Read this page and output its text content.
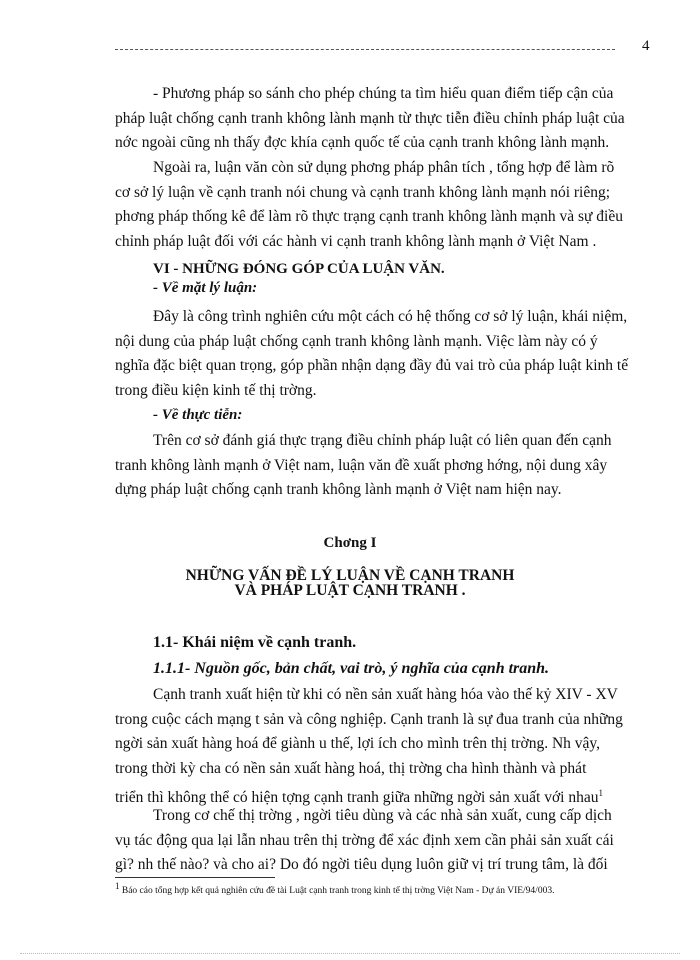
4

- Phương pháp so sánh cho phép chúng ta tìm hiểu quan điểm tiếp cận của
pháp luật chống cạnh tranh không lành mạnh từ thực tiễn điều chỉnh pháp luật của
nớc ngoài cũng nh thấy đợc khía cạnh quốc tế của cạnh tranh không lành mạnh.

Ngoài ra, luận văn còn sử dụng phơng pháp phân tích , tổng hợp để làm rõ
cơ sở lý luận về cạnh tranh nói chung và cạnh tranh không lành mạnh nói riêng;
phơng pháp thống kê để làm rõ thực trạng cạnh tranh không lành mạnh và sự điều
chỉnh pháp luật đối với các hành vi cạnh tranh không lành mạnh ở Việt Nam .

VI - NHỮNG ĐÓNG GÓP CỦA LUẬN VĂN.
- Về mặt lý luận:

Đây là công trình nghiên cứu một cách có hệ thống cơ sở lý luận, khái niệm,
nội dung của pháp luật chống cạnh tranh không lành mạnh. Việc làm này có ý
nghĩa đặc biệt quan trọng, góp phần nhận dạng đầy đủ vai trò của pháp luật kinh tế
trong điều kiện kinh tế thị trờng.

- Về thực tiễn:

Trên cơ sở đánh giá thực trạng điều chỉnh pháp luật có liên quan đến cạnh
tranh không lành mạnh ở Việt nam, luận văn đề xuất phơng hớng, nội dung xây
dựng pháp luật chống cạnh tranh không lành mạnh ở Việt nam hiện nay.

Chơng I
NHỮNG VẤN ĐỀ LÝ LUẬN VỀ CẠNH TRANH
VÀ PHÁP LUẬT CẠNH TRANH .
1.1- Khái niệm về cạnh tranh.
1.1.1- Nguồn gốc, bản chất, vai trò, ý nghĩa của cạnh tranh.

Cạnh tranh xuất hiện từ khi có nền sản xuất hàng hóa vào thế kỷ XIV - XV
trong cuộc cách mạng t sản và công nghiệp. Cạnh tranh là sự đua tranh của những
ngời sản xuất hàng hoá để giành u thế, lợi ích cho mình trên thị trờng. Nh vậy,
trong thời kỳ cha có nền sản xuất hàng hoá, thị trờng cha hình thành và phát
triển thì không thể có hiện tợng cạnh tranh giữa những ngời sản xuất với nhau$^1$

Trong cơ chế thị trờng , ngời tiêu dùng và các nhà sản xuất, cung cấp dịch
vụ tác động qua lại lẫn nhau trên thị trờng để xác định xem cần phải sản xuất cái
gì? nh thế nào? và cho ai? Do đó ngời tiêu dụng luôn giữ vị trí trung tâm, là đối

$^1$ Báo cáo tổng hợp kết quả nghiên cứu đề tài Luật cạnh tranh trong kinh tế thị trờng Việt Nam - Dự án VIE/94/003.
